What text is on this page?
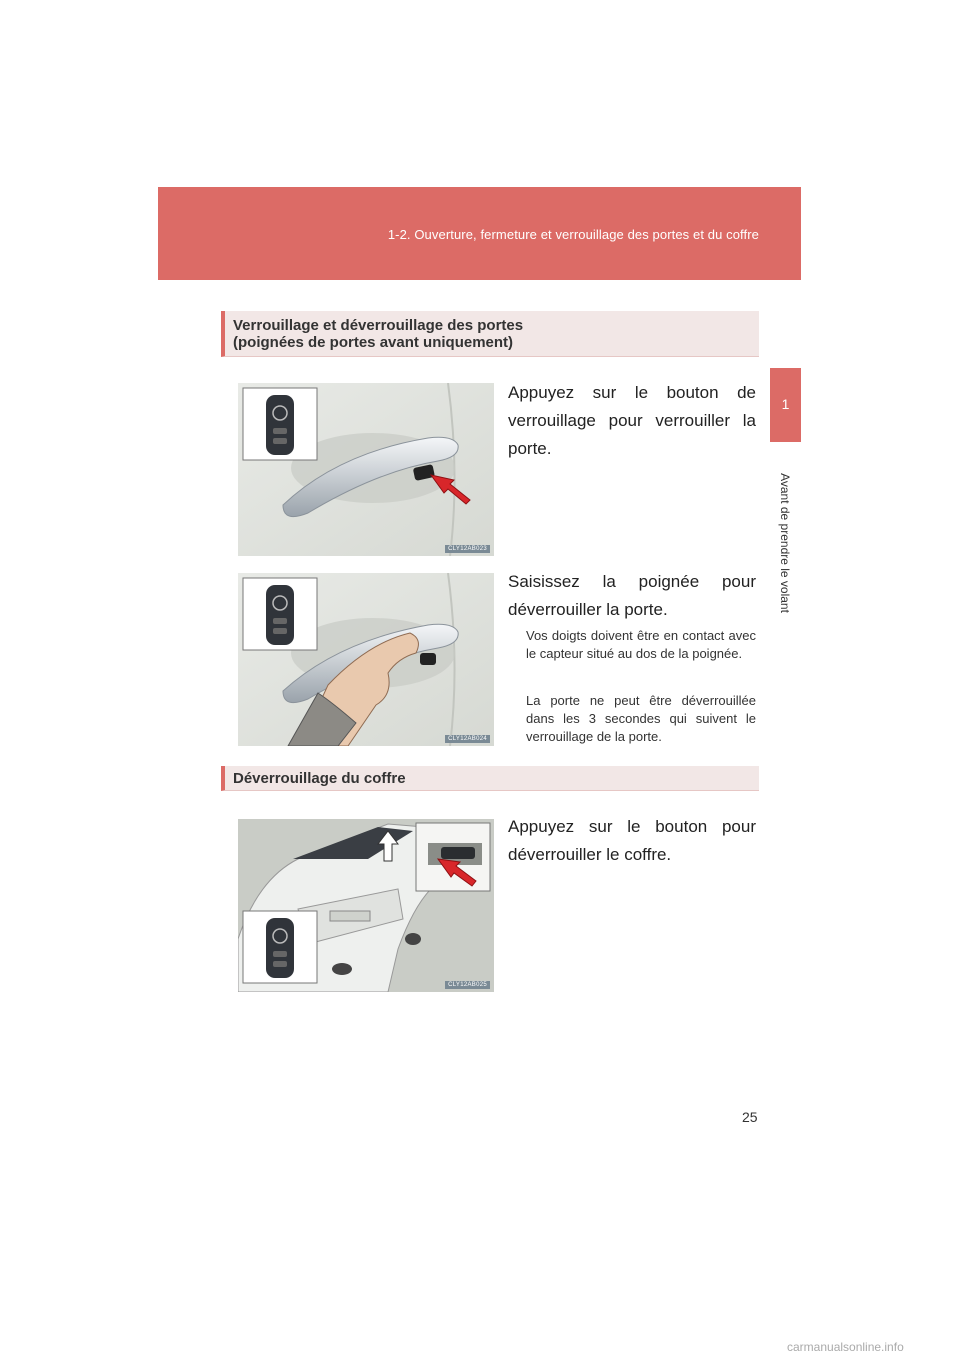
1-2. Ouverture, fermeture et verrouillage des portes et du coffre
1
Avant de prendre le volant
Verrouillage et déverrouillage des portes
(poignées de portes avant uniquement)
CLY12AB023
Appuyez sur le bouton de verrouillage pour verrouiller la porte.
CLY12AB024
Saisissez la poignée pour déverrouiller la porte.
Vos doigts doivent être en contact avec le capteur situé au dos de la poignée.
La porte ne peut être déverrouillée dans les 3 secondes qui suivent le verrouillage de la porte.
Déverrouillage du coffre
CLY12AB025
Appuyez sur le bouton pour déverrouiller le coffre.
25
carmanualsonline.info
